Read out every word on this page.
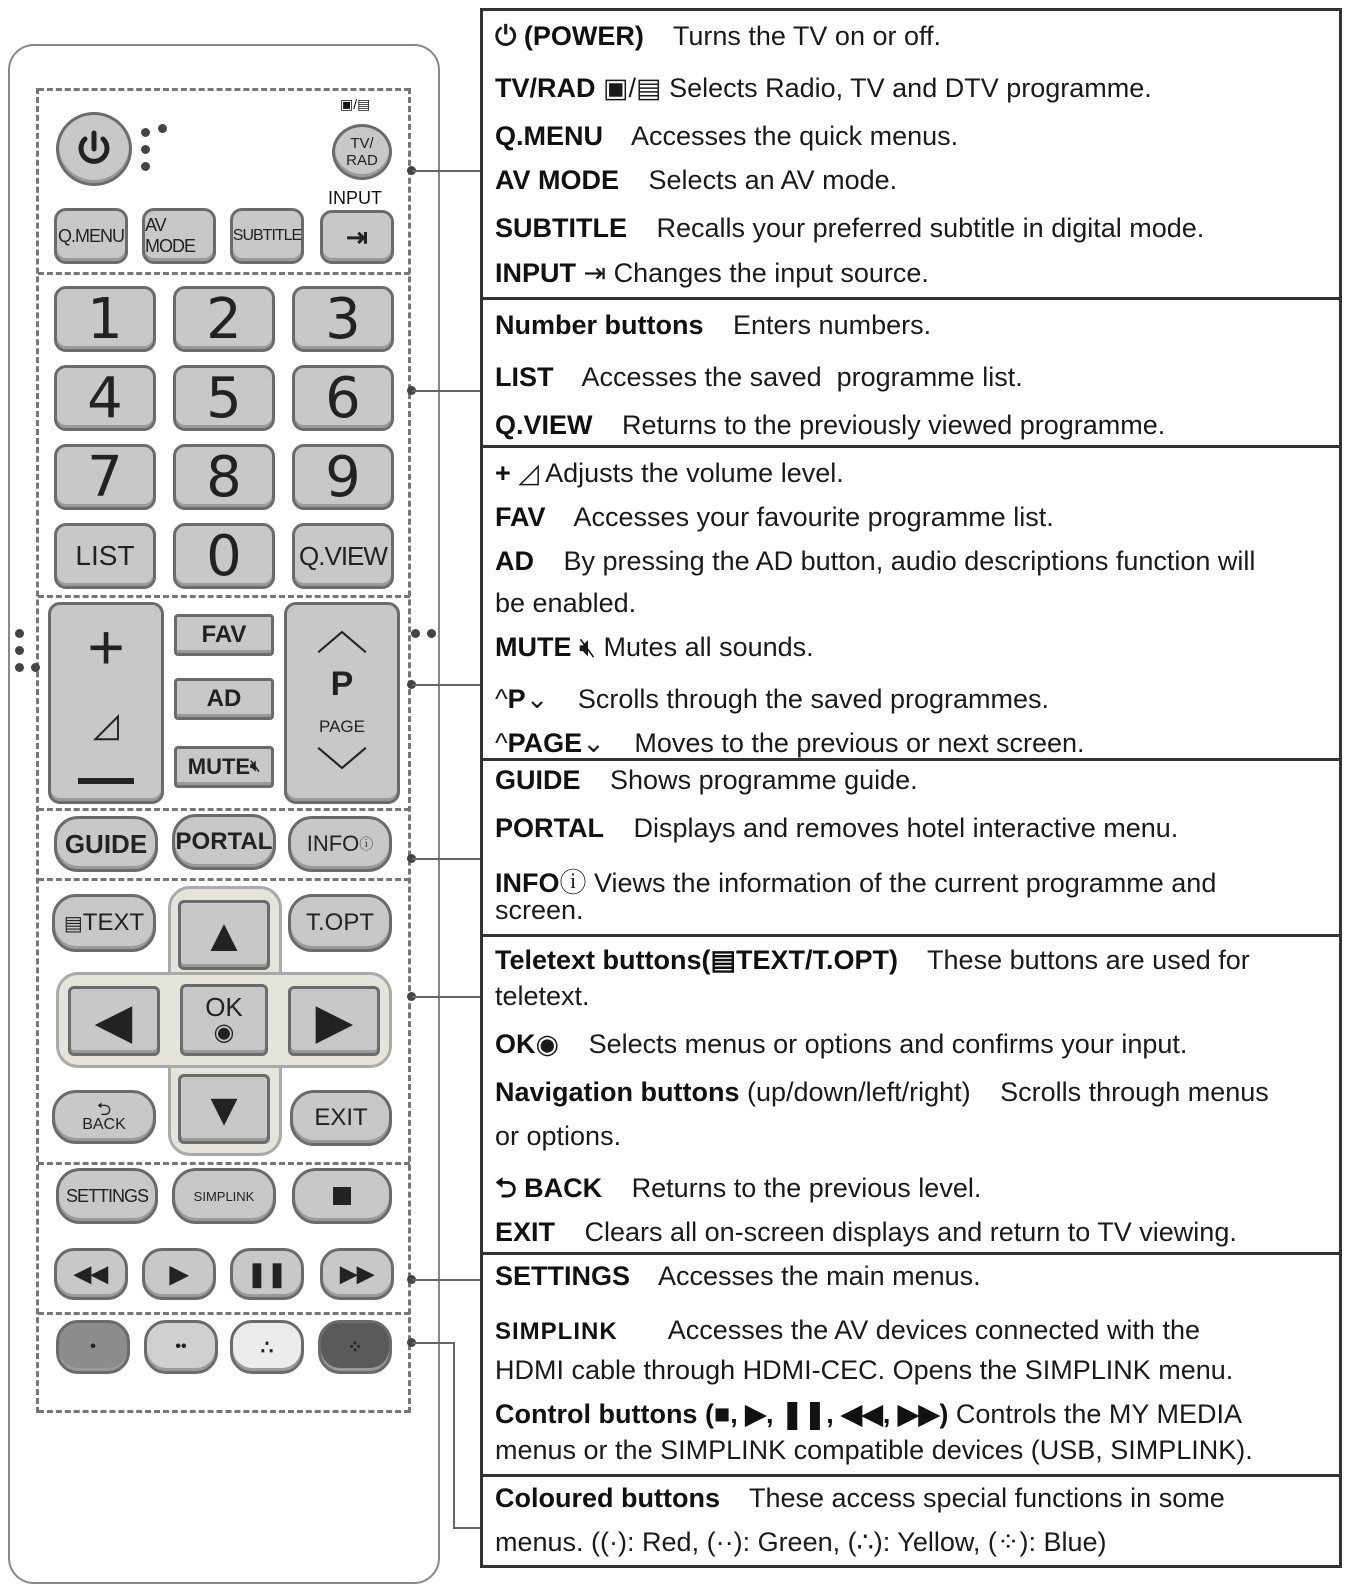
▣/▤
TV/
RAD
INPUT
Q.MENU
AV MODE
SUBTITLE ⇥
1	2	3
4	5	6
7	8	9
LIST	0	Q.VIEW
+
◿
FAV
AD
MUTE 🔇︎
︿
P
PAGE
﹀
GUIDE	PORTAL INFO ⓘ
▤ TEXT	T.OPT
▲
◀	OK
◉ ▶
▼
⮌
BACK	EXIT
SETTINGS	SIMPLINK
◀◀	▶ ❚❚ ▶▶
•	••	∴	⁘
⏻ (POWER) Turns the TV on or off.
TV/RAD ▣/▤ Selects Radio, TV and DTV programme.
Q.MENU Accesses the quick menus.
AV MODE Selects an AV mode.
SUBTITLE Recalls your preferred subtitle in digital mode.
INPUT ⇥ Changes the input source.
Number buttons Enters numbers.
LIST Accesses the saved  programme list.
Q.VIEW Returns to the previously viewed programme.
+ ◿ Adjusts the volume level.
FAV Accesses your favourite programme list.
AD By pressing the AD button, audio descriptions function will
be enabled.
MUTE 🔇︎ Mutes all sounds.
^P⌄ Scrolls through the saved programmes.
^PAGE⌄ Moves to the previous or next screen.
GUIDE Shows programme guide.
PORTAL Displays and removes hotel interactive menu.
INFOⓘ Views the information of the current programme and
screen.
Teletext buttons(▤TEXT/T.OPT) These buttons are used for
teletext.
OK◉ Selects menus or options and confirms your input.
Navigation buttons (up/down/left/right) Scrolls through menus
or options.
⮌ BACK Returns to the previous level.
EXIT Clears all on-screen displays and return to TV viewing.
SETTINGS Accesses the main menus.
SIMPLINK Accesses the AV devices connected with the
HDMI cable through HDMI-CEC. Opens the SIMPLINK menu.
Control buttons (■, ▶, ❚❚, ◀◀, ▶▶) Controls the MY MEDIA
menus or the SIMPLINK compatible devices (USB, SIMPLINK).
Coloured buttons These access special functions in some
menus. ((·): Red, (··): Green, (∴): Yellow, (⁘): Blue)
